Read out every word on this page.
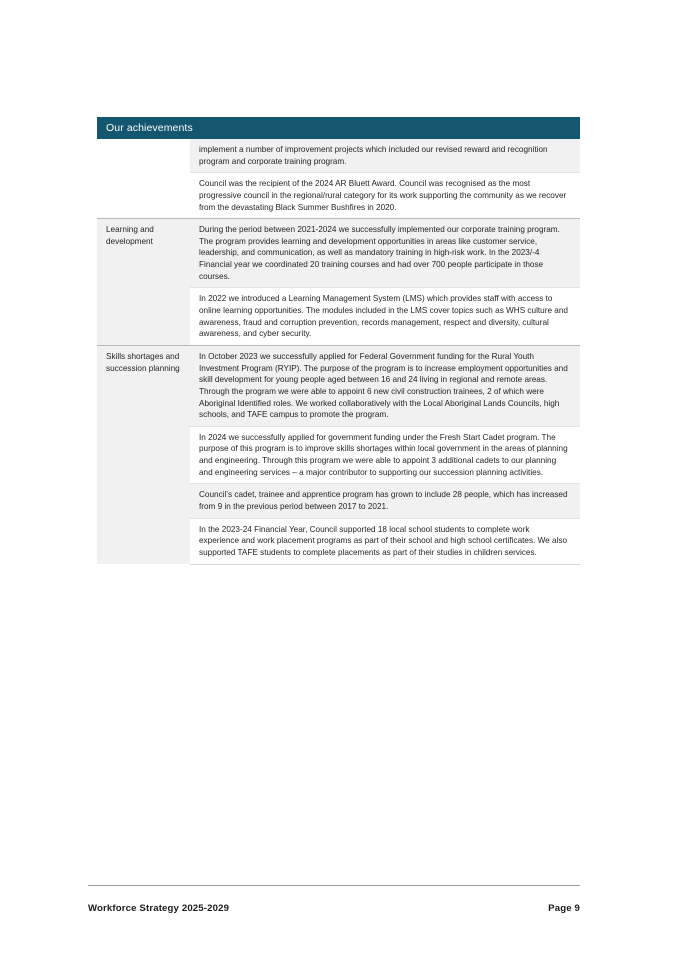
Our achievements

	implement a number of improvement projects which included our revised reward and recognition program and corporate training program.

	Council was the recipient of the 2024 AR Bluett Award. Council was recognised as the most progressive council in the regional/rural category for its work supporting the community as we recover from the devastating Black Summer Bushfires in 2020.

Learning and development	During the period between 2021-2024 we successfully implemented our corporate training program. The program provides learning and development opportunities in areas like customer service, leadership, and communication, as well as mandatory training in high-risk work. In the 2023/-4 Financial year we coordinated 20 training courses and had over 700 people participate in those courses.

	In 2022 we introduced a Learning Management System (LMS) which provides staff with access to online learning opportunities. The modules included in the LMS cover topics such as WHS culture and awareness, fraud and corruption prevention, records management, respect and diversity, cultural awareness, and cyber security.

Skills shortages and succession planning	In October 2023 we successfully applied for Federal Government funding for the Rural Youth Investment Program (RYIP). The purpose of the program is to increase employment opportunities and skill development for young people aged between 16 and 24 living in regional and remote areas. Through the program we were able to appoint 6 new civil construction trainees, 2 of which were Aboriginal Identified roles. We worked collaboratively with the Local Aboriginal Lands Councils, high schools, and TAFE campus to promote the program.

	In 2024 we successfully applied for government funding under the Fresh Start Cadet program. The purpose of this program is to improve skills shortages within local government in the areas of planning and engineering. Through this program we were able to appoint 3 additional cadets to our planning and engineering services – a major contributor to supporting our succession planning activities.

	Council’s cadet, trainee and apprentice program has grown to include 28 people, which has increased from 9 in the previous period between 2017 to 2021.

	In the 2023-24 Financial Year, Council supported 18 local school students to complete work experience and work placement programs as part of their school and high school certificates. We also supported TAFE students to complete placements as part of their studies in children services.

Workforce Strategy 2025-2029	Page 9
